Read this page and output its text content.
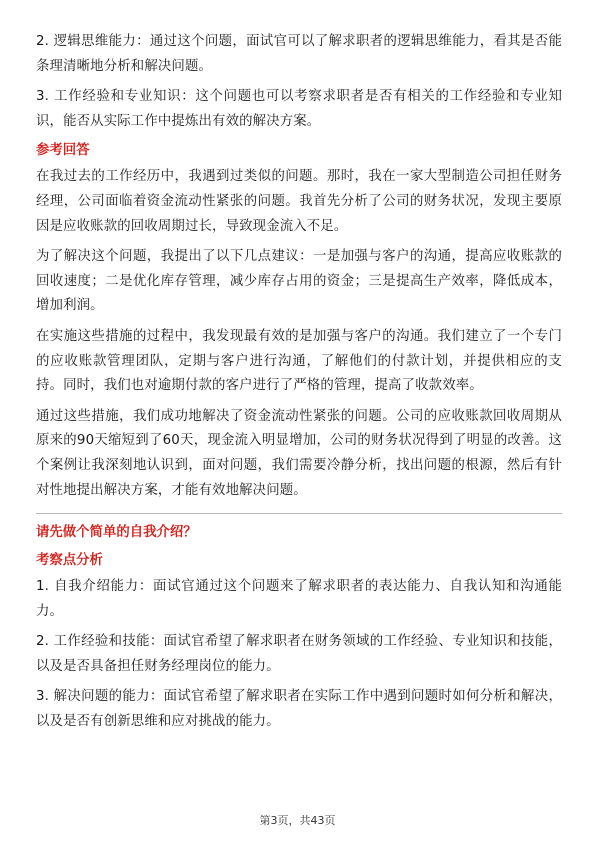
2. 逻辑思维能力：通过这个问题，面试官可以了解求职者的逻辑思维能力，看其是否能条理清晰地分析和解决问题。

3. 工作经验和专业知识：这个问题也可以考察求职者是否有相关的工作经验和专业知识，能否从实际工作中提炼出有效的解决方案。

参考回答

在我过去的工作经历中，我遇到过类似的问题。那时，我在一家大型制造公司担任财务经理，公司面临着资金流动性紧张的问题。我首先分析了公司的财务状况，发现主要原因是应收账款的回收周期过长，导致现金流入不足。

为了解决这个问题，我提出了以下几点建议：一是加强与客户的沟通，提高应收账款的回收速度；二是优化库存管理，减少库存占用的资金；三是提高生产效率，降低成本，增加利润。

在实施这些措施的过程中，我发现最有效的是加强与客户的沟通。我们建立了一个专门的应收账款管理团队，定期与客户进行沟通，了解他们的付款计划，并提供相应的支持。同时，我们也对逾期付款的客户进行了严格的管理，提高了收款效率。

通过这些措施，我们成功地解决了资金流动性紧张的问题。公司的应收账款回收周期从原来的90天缩短到了60天，现金流入明显增加，公司的财务状况得到了明显的改善。这个案例让我深刻地认识到，面对问题，我们需要冷静分析，找出问题的根源，然后有针对性地提出解决方案，才能有效地解决问题。

请先做个简单的自我介绍？
考察点分析

1. 自我介绍能力：面试官通过这个问题来了解求职者的表达能力、自我认知和沟通能力。

2. 工作经验和技能：面试官希望了解求职者在财务领域的工作经验、专业知识和技能，以及是否具备担任财务经理岗位的能力。

3. 解决问题的能力：面试官希望了解求职者在实际工作中遇到问题时如何分析和解决，以及是否有创新思维和应对挑战的能力。

第3页，共43页
